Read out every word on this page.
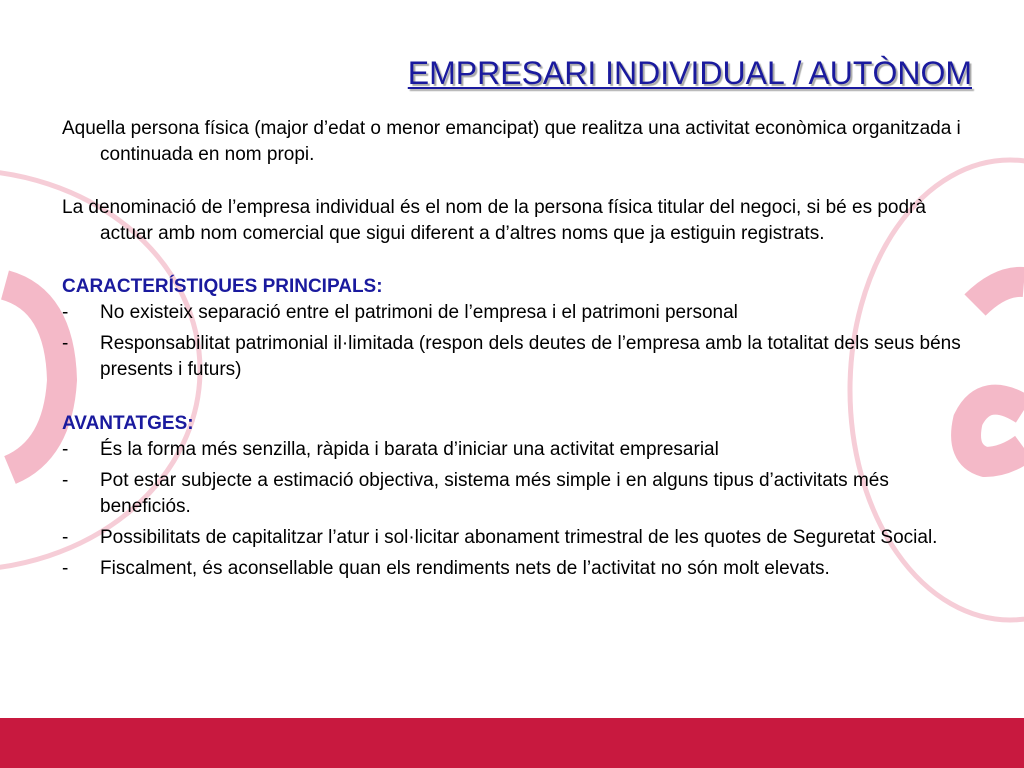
EMPRESARI INDIVIDUAL / AUTÒNOM

Aquella persona física (major d’edat o menor emancipat) que realitza una activitat econòmica organitzada i continuada en nom propi.

La denominació de l’empresa individual és el nom de la persona física titular del negoci, si bé es podrà actuar amb nom comercial que sigui diferent a d’altres noms que ja estiguin registrats.

CARACTERÍSTIQUES PRINCIPALS:

-	No existeix separació entre el patrimoni de l’empresa i el patrimoni personal
-	Responsabilitat patrimonial il·limitada (respon dels deutes de l’empresa amb la totalitat dels seus béns presents i futurs)

AVANTATGES:

-	És la forma més senzilla, ràpida i barata d’iniciar una activitat empresarial
-	Pot estar subjecte a estimació objectiva, sistema més simple i en alguns tipus d’activitats més beneficiós.
-	Possibilitats de capitalitzar l’atur i sol·licitar abonament trimestral de les quotes de Seguretat Social.
-	Fiscalment, és aconsellable quan els rendiments nets de l’activitat no són molt elevats.
